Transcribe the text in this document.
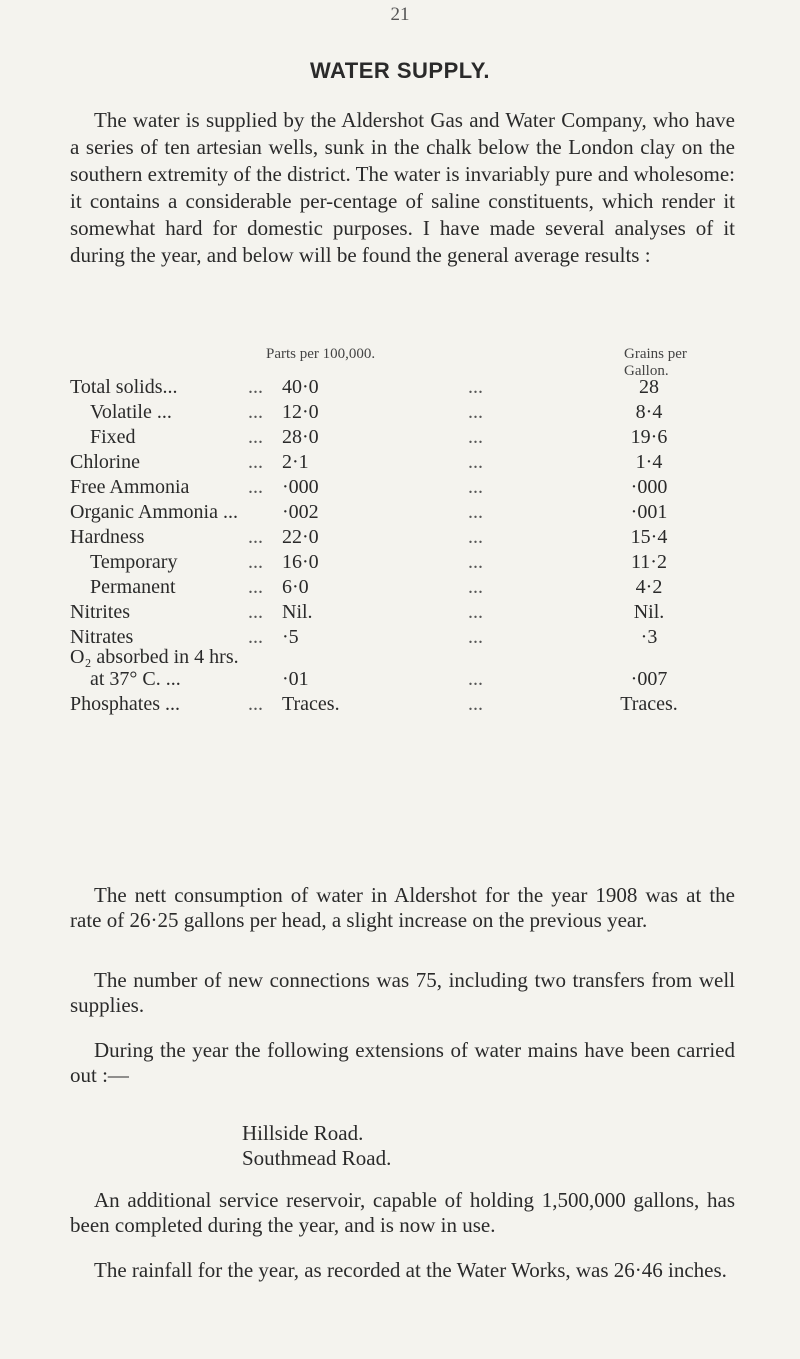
21
WATER SUPPLY.
The water is supplied by the Aldershot Gas and Water Company, who have a series of ten artesian wells, sunk in the chalk below the London clay on the southern extremity of the district. The water is invariably pure and wholesome: it contains a considerable per-centage of saline constituents, which render it somewhat hard for domestic purposes. I have made several analyses of it during the year, and below will be found the general average results :
Parts per 100,000.	Grains per Gallon.
Total solids...	... 40·0	...	28
Volatile ...	... 12·0	...	8·4
Fixed	... 28·0	...	19·6
Chlorine	... 2·1	...	1·4
Free Ammonia	... ·000	...	·000
Organic Ammonia ... ·002	...	·001
Hardness	... 22·0	...	15·4
Temporary	... 16·0	...	11·2
Permanent	... 6·0	...	4·2
Nitrites	... Nil.	...	Nil.
Nitrates	... ·5	...	·3
O₂ absorbed in 4 hrs.
at 37° C. ...	·01	...	·007
Phosphates ...	... Traces.	...	Traces.
The nett consumption of water in Aldershot for the year 1908 was at the rate of 26·25 gallons per head, a slight increase on the previous year.
The number of new connections was 75, including two transfers from well supplies.
During the year the following extensions of water mains have been carried out :—
Hillside Road.
Southmead Road.
An additional service reservoir, capable of holding 1,500,000 gallons, has been completed during the year, and is now in use.
The rainfall for the year, as recorded at the Water Works, was 26·46 inches.
